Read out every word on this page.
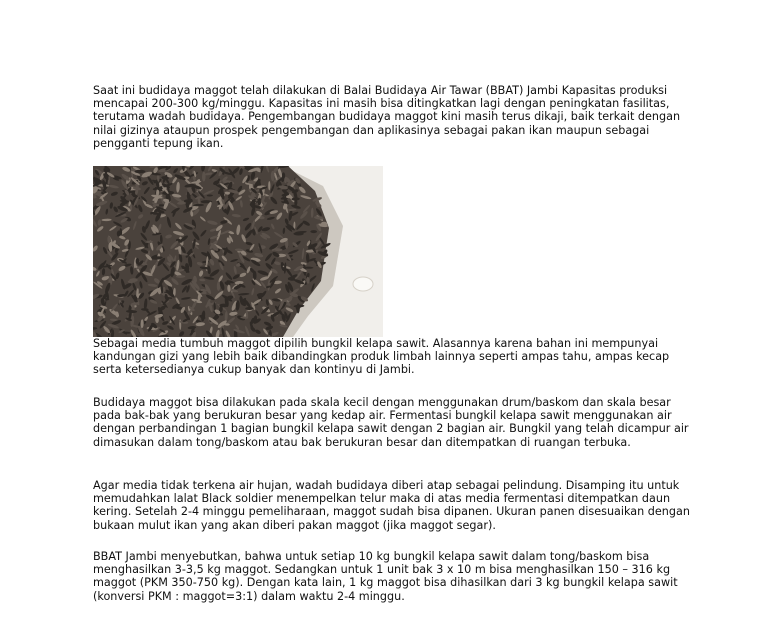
Saat ini budidaya maggot telah dilakukan di Balai Budidaya Air Tawar (BBAT) Jambi Kapasitas produksi mencapai 200-300 kg/minggu. Kapasitas ini masih bisa ditingkatkan lagi dengan peningkatan fasilitas, terutama wadah budidaya. Pengembangan budidaya maggot kini masih terus dikaji, baik terkait dengan nilai gizinya ataupun prospek pengembangan dan aplikasinya sebagai pakan ikan maupun sebagai pengganti tepung ikan.

Sebagai media tumbuh maggot dipilih bungkil kelapa sawit. Alasannya karena bahan ini mempunyai kandungan gizi yang lebih baik dibandingkan produk limbah lainnya seperti ampas tahu, ampas kecap serta ketersedianya cukup banyak dan kontinyu di Jambi.

Budidaya maggot bisa dilakukan pada skala kecil dengan menggunakan drum/baskom dan skala besar pada bak-bak yang berukuran besar yang kedap air. Fermentasi bungkil kelapa sawit menggunakan air dengan perbandingan 1 bagian bungkil kelapa sawit dengan 2 bagian air. Bungkil yang telah dicampur air dimasukan dalam tong/baskom atau bak berukuran besar dan ditempatkan di ruangan terbuka.

Agar media tidak terkena air hujan, wadah budidaya diberi atap sebagai pelindung. Disamping itu untuk memudahkan lalat Black soldier menempelkan telur maka di atas media fermentasi ditempatkan daun kering. Setelah 2-4 minggu pemeliharaan, maggot sudah bisa dipanen. Ukuran panen disesuaikan dengan bukaan mulut ikan yang akan diberi pakan maggot (jika maggot segar).

BBAT Jambi menyebutkan, bahwa untuk setiap 10 kg bungkil kelapa sawit dalam tong/baskom bisa menghasilkan 3-3,5 kg maggot. Sedangkan untuk 1 unit bak 3 x 10 m bisa menghasilkan 150 – 316 kg maggot (PKM 350-750 kg). Dengan kata lain, 1 kg maggot bisa dihasilkan dari 3 kg bungkil kelapa sawit (konversi PKM : maggot=3:1) dalam waktu 2-4 minggu.
